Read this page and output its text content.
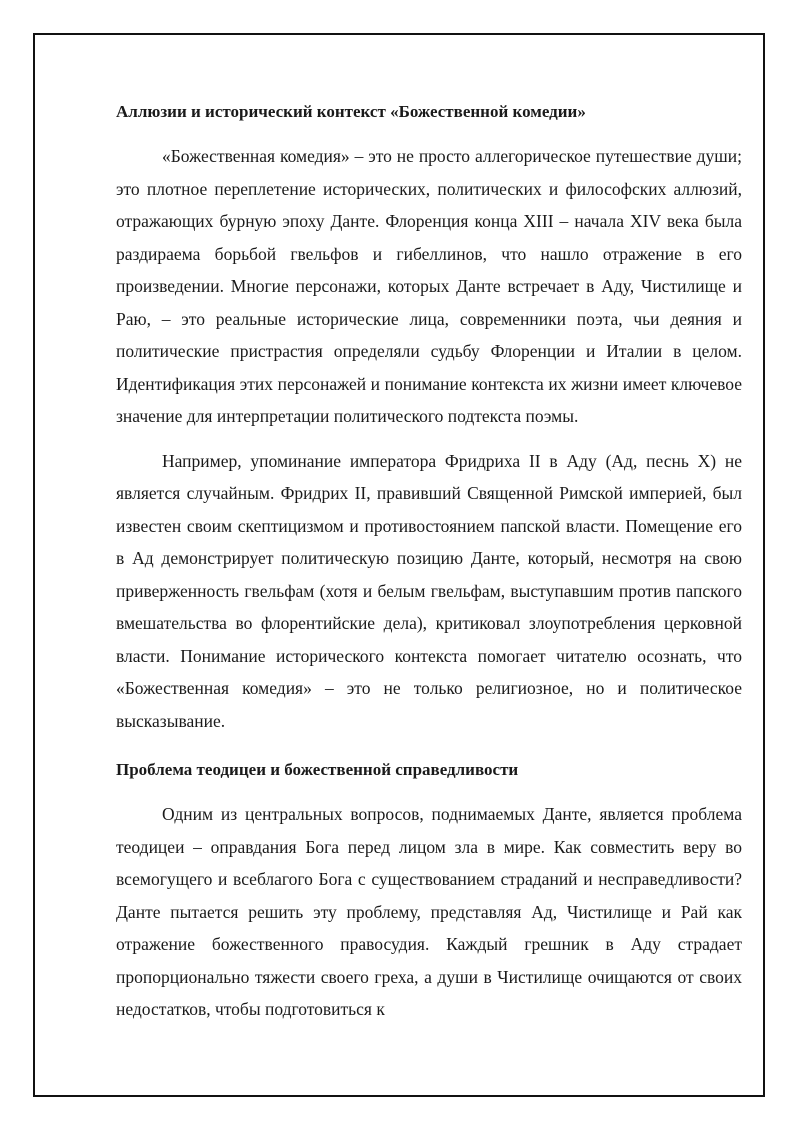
Аллюзии и исторический контекст «Божественной комедии»

«Божественная комедия» – это не просто аллегорическое путешествие души; это плотное переплетение исторических, политических и философских аллюзий, отражающих бурную эпоху Данте. Флоренция конца XIII – начала XIV века была раздираема борьбой гвельфов и гибеллинов, что нашло отражение в его произведении. Многие персонажи, которых Данте встречает в Аду, Чистилище и Раю, – это реальные исторические лица, современники поэта, чьи деяния и политические пристрастия определяли судьбу Флоренции и Италии в целом. Идентификация этих персонажей и понимание контекста их жизни имеет ключевое значение для интерпретации политического подтекста поэмы.

Например, упоминание императора Фридриха II в Аду (Ад, песнь X) не является случайным. Фридрих II, правивший Священной Римской империей, был известен своим скептицизмом и противостоянием папской власти. Помещение его в Ад демонстрирует политическую позицию Данте, который, несмотря на свою приверженность гвельфам (хотя и белым гвельфам, выступавшим против папского вмешательства во флорентийские дела), критиковал злоупотребления церковной власти. Понимание исторического контекста помогает читателю осознать, что «Божественная комедия» – это не только религиозное, но и политическое высказывание.

Проблема теодицеи и божественной справедливости

Одним из центральных вопросов, поднимаемых Данте, является проблема теодицеи – оправдания Бога перед лицом зла в мире. Как совместить веру во всемогущего и всеблагого Бога с существованием страданий и несправедливости? Данте пытается решить эту проблему, представляя Ад, Чистилище и Рай как отражение божественного правосудия. Каждый грешник в Аду страдает пропорционально тяжести своего греха, а души в Чистилище очищаются от своих недостатков, чтобы подготовиться к
